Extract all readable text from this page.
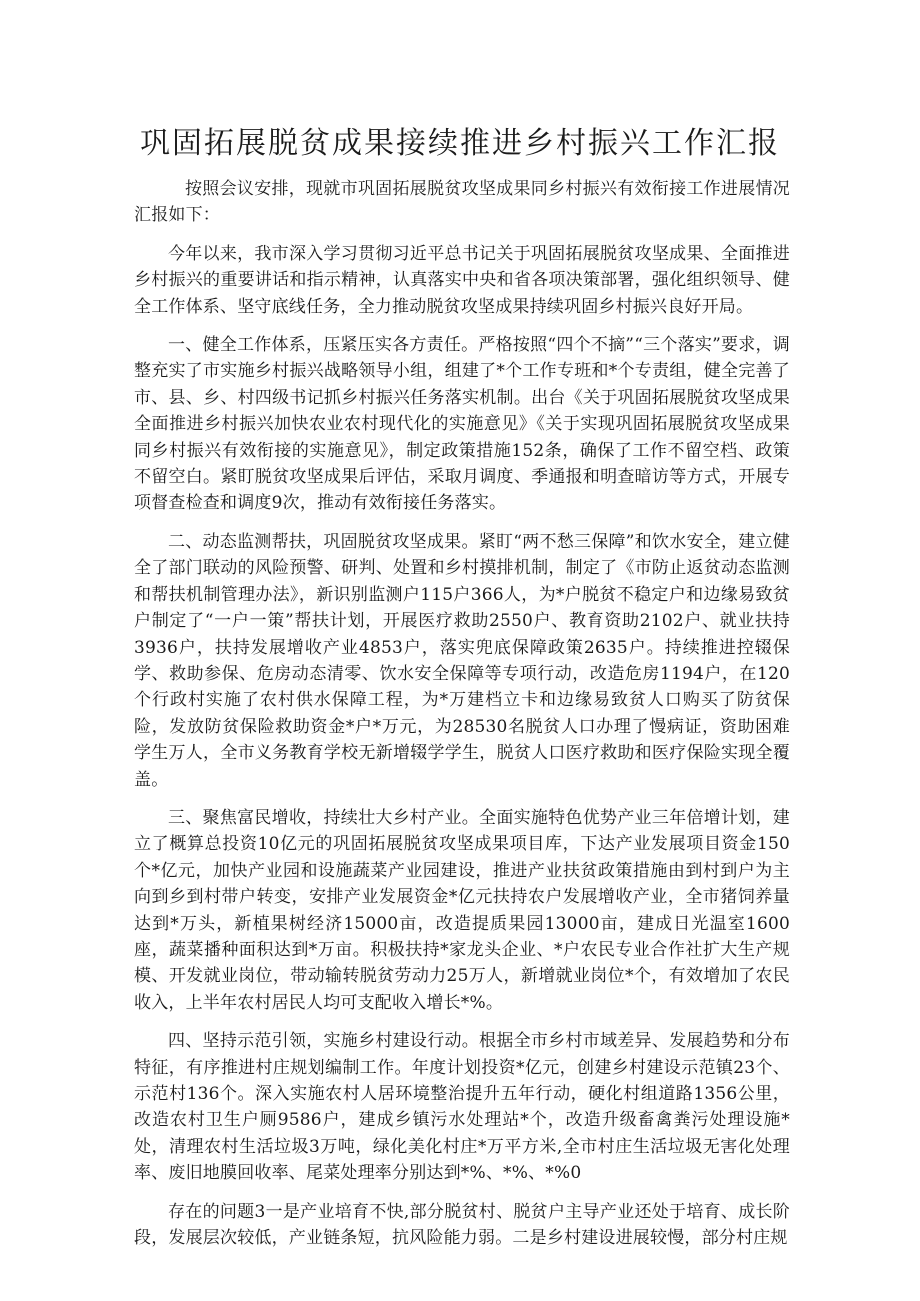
巩固拓展脱贫成果接续推进乡村振兴工作汇报

按照会议安排，现就市巩固拓展脱贫攻坚成果同乡村振兴有效衔接工作进展情况汇报如下：

今年以来，我市深入学习贯彻习近平总书记关于巩固拓展脱贫攻坚成果、全面推进乡村振兴的重要讲话和指示精神，认真落实中央和省各项决策部署，强化组织领导、健全工作体系、坚守底线任务，全力推动脱贫攻坚成果持续巩固乡村振兴良好开局。

一、健全工作体系，压紧压实各方责任。严格按照“四个不摘”“三个落实”要求，调整充实了市实施乡村振兴战略领导小组，组建了*个工作专班和*个专责组，健全完善了市、县、乡、村四级书记抓乡村振兴任务落实机制。出台《关于巩固拓展脱贫攻坚成果全面推进乡村振兴加快农业农村现代化的实施意见》《关于实现巩固拓展脱贫攻坚成果同乡村振兴有效衔接的实施意见》，制定政策措施152条，确保了工作不留空档、政策不留空白。紧盯脱贫攻坚成果后评估，采取月调度、季通报和明查暗访等方式，开展专项督查检查和调度9次，推动有效衔接任务落实。

二、动态监测帮扶，巩固脱贫攻坚成果。紧盯“两不愁三保障”和饮水安全，建立健全了部门联动的风险预警、研判、处置和乡村摸排机制，制定了《市防止返贫动态监测和帮扶机制管理办法》，新识别监测户115户366人，为*户脱贫不稳定户和边缘易致贫户制定了“一户一策”帮扶计划，开展医疗救助2550户、教育资助2102户、就业扶持3936户，扶持发展增收产业4853户，落实兜底保障政策2635户。持续推进控辍保学、救助参保、危房动态清零、饮水安全保障等专项行动，改造危房1194户，在120个行政村实施了农村供水保障工程，为*万建档立卡和边缘易致贫人口购买了防贫保险，发放防贫保险救助资金*户*万元，为28530名脱贫人口办理了慢病证，资助困难学生万人，全市义务教育学校无新增辍学学生，脱贫人口医疗救助和医疗保险实现全覆盖。

三、聚焦富民增收，持续壮大乡村产业。全面实施特色优势产业三年倍增计划，建立了概算总投资10亿元的巩固拓展脱贫攻坚成果项目库，下达产业发展项目资金150个*亿元，加快产业园和设施蔬菜产业园建设，推进产业扶贫政策措施由到村到户为主向到乡到村带户转变，安排产业发展资金*亿元扶持农户发展增收产业，全市猪饲养量达到*万头，新植果树经济15000亩，改造提质果园13000亩，建成日光温室1600座，蔬菜播种面积达到*万亩。积极扶持*家龙头企业、*户农民专业合作社扩大生产规模、开发就业岗位，带动输转脱贫劳动力25万人，新增就业岗位*个，有效增加了农民收入，上半年农村居民人均可支配收入增长*%。

四、坚持示范引领，实施乡村建设行动。根据全市乡村市域差异、发展趋势和分布特征，有序推进村庄规划编制工作。年度计划投资*亿元，创建乡村建设示范镇23个、示范村136个。深入实施农村人居环境整治提升五年行动，硬化村组道路1356公里，改造农村卫生户厕9586户，建成乡镇污水处理站*个，改造升级畜禽粪污处理设施*处，清理农村生活垃圾3万吨，绿化美化村庄*万平方米,全市村庄生活垃圾无害化处理率、废旧地膜回收率、尾菜处理率分别达到*%、*%、*%0

存在的问题3一是产业培育不快,部分脱贫村、脱贫户主导产业还处于培育、成长阶段，发展层次较低，产业链条短，抗风险能力弱。二是乡村建设进展较慢，部分村庄规
